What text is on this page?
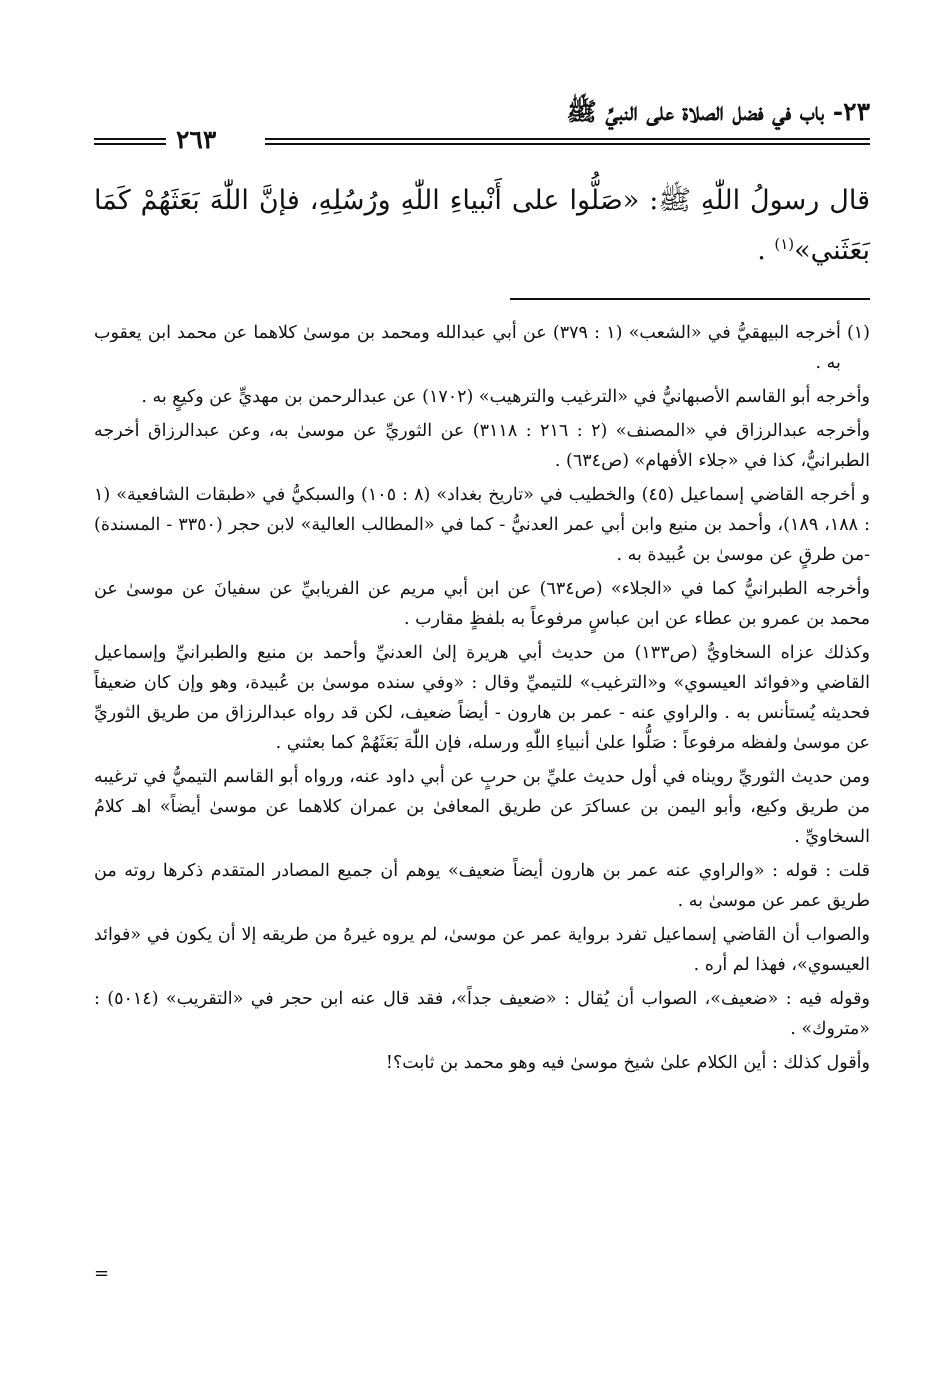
٢٣- باب في فضل الصلاة على النبيِّ ﷺ
٢٦٣
قال رسولُ اللّٰهِ ﷺ: «صَلُّوا على أَنْبياءِ اللّٰهِ ورُسُلِهِ، فإنَّ اللّٰهَ بَعَثَهُمْ كَمَا بَعَثَني»$^{(١)}$ .
(١)
أخرجه البيهقيُّ في «الشعب» (١ : ٣٧٩) عن أبي عبدالله ومحمد بن موسىٰ كلاهما عن محمد ابن يعقوب به .

وأخرجه أبو القاسم الأصبهانيُّ في «الترغيب والترهيب» (١٧٠٢) عن عبدالرحمن بن مهديٍّ عن وكيعٍ به .

وأخرجه عبدالرزاق في «المصنف» (٢ : ٢١٦ : ٣١١٨) عن الثوريِّ عن موسىٰ به، وعن عبدالرزاق أخرجه الطبرانيُّ، كذا في «جلاء الأفهام» (ص٦٣٤) .

و أخرجه القاضي إسماعيل (٤٥) والخطيب في «تاريخ بغداد» (٨ : ١٠٥) والسبكيُّ في «طبقات الشافعية» (١ : ١٨٨، ١٨٩)، وأحمد بن منيع وابن أبي عمر العدنيُّ - كما في «المطالب العالية» لابن حجر (٣٣٥٠ - المسندة) -من طرقٍ عن موسىٰ بن عُبيدة به .

وأخرجه الطبرانيُّ كما في «الجلاء» (ص٦٣٤) عن ابن أبي مريم عن الفريابيِّ عن سفيانَ عن موسىٰ عن محمد بن عمرو بن عطاء عن ابن عباسٍ مرفوعاً به بلفظٍ مقارب .

وكذلك عزاه السخاويُّ (ص١٣٣) من حديث أبي هريرة إلىٰ العدنيِّ وأحمد بن منيع والطبرانيِّ وإسماعيل القاضي و«فوائد العيسوي» و«الترغيب» للتيميِّ وقال : «وفي سنده موسىٰ بن عُبيدة، وهو وإن كان ضعيفاً فحديثه يُستأنس به . والراوي عنه - عمر بن هارون - أيضاً ضعيف، لكن قد رواه عبدالرزاق من طريق الثوريِّ عن موسىٰ ولفظه مرفوعاً : صَلُّوا علىٰ أنبياءِ اللّٰهِ ورسله، فإن اللّٰهَ بَعَثَهُمْ كما بعثني .

ومن حديث الثوريِّ رويناه في أول حديث عليِّ بن حربٍ عن أبي داود عنه، ورواه أبو القاسم التيميُّ في ترغيبه من طريق وكيع، وأبو اليمن بن عساكرَ عن طريق المعافىٰ بن عمران كلاهما عن موسىٰ أيضاً» اهـ كلامُ السخاويِّ .

قلت : قوله : «والراوي عنه عمر بن هارون أيضاً ضعيف» يوهم أن جميع المصادر المتقدم ذكرها روته من طريق عمر عن موسىٰ به .

والصواب أن القاضي إسماعيل تفرد برواية عمر عن موسىٰ، لم يروه غيرهُ من طريقه إلا أن يكون في «فوائد العيسوي»، فهذا لم أره .

وقوله فيه : «ضعيف»، الصواب أن يُقال : «ضعيف جداً»، فقد قال عنه ابن حجر في «التقريب» (٥٠١٤) : «متروك» .

وأقول كذلك : أين الكلام علىٰ شيخ موسىٰ فيه وهو محمد بن ثابت؟!

=
